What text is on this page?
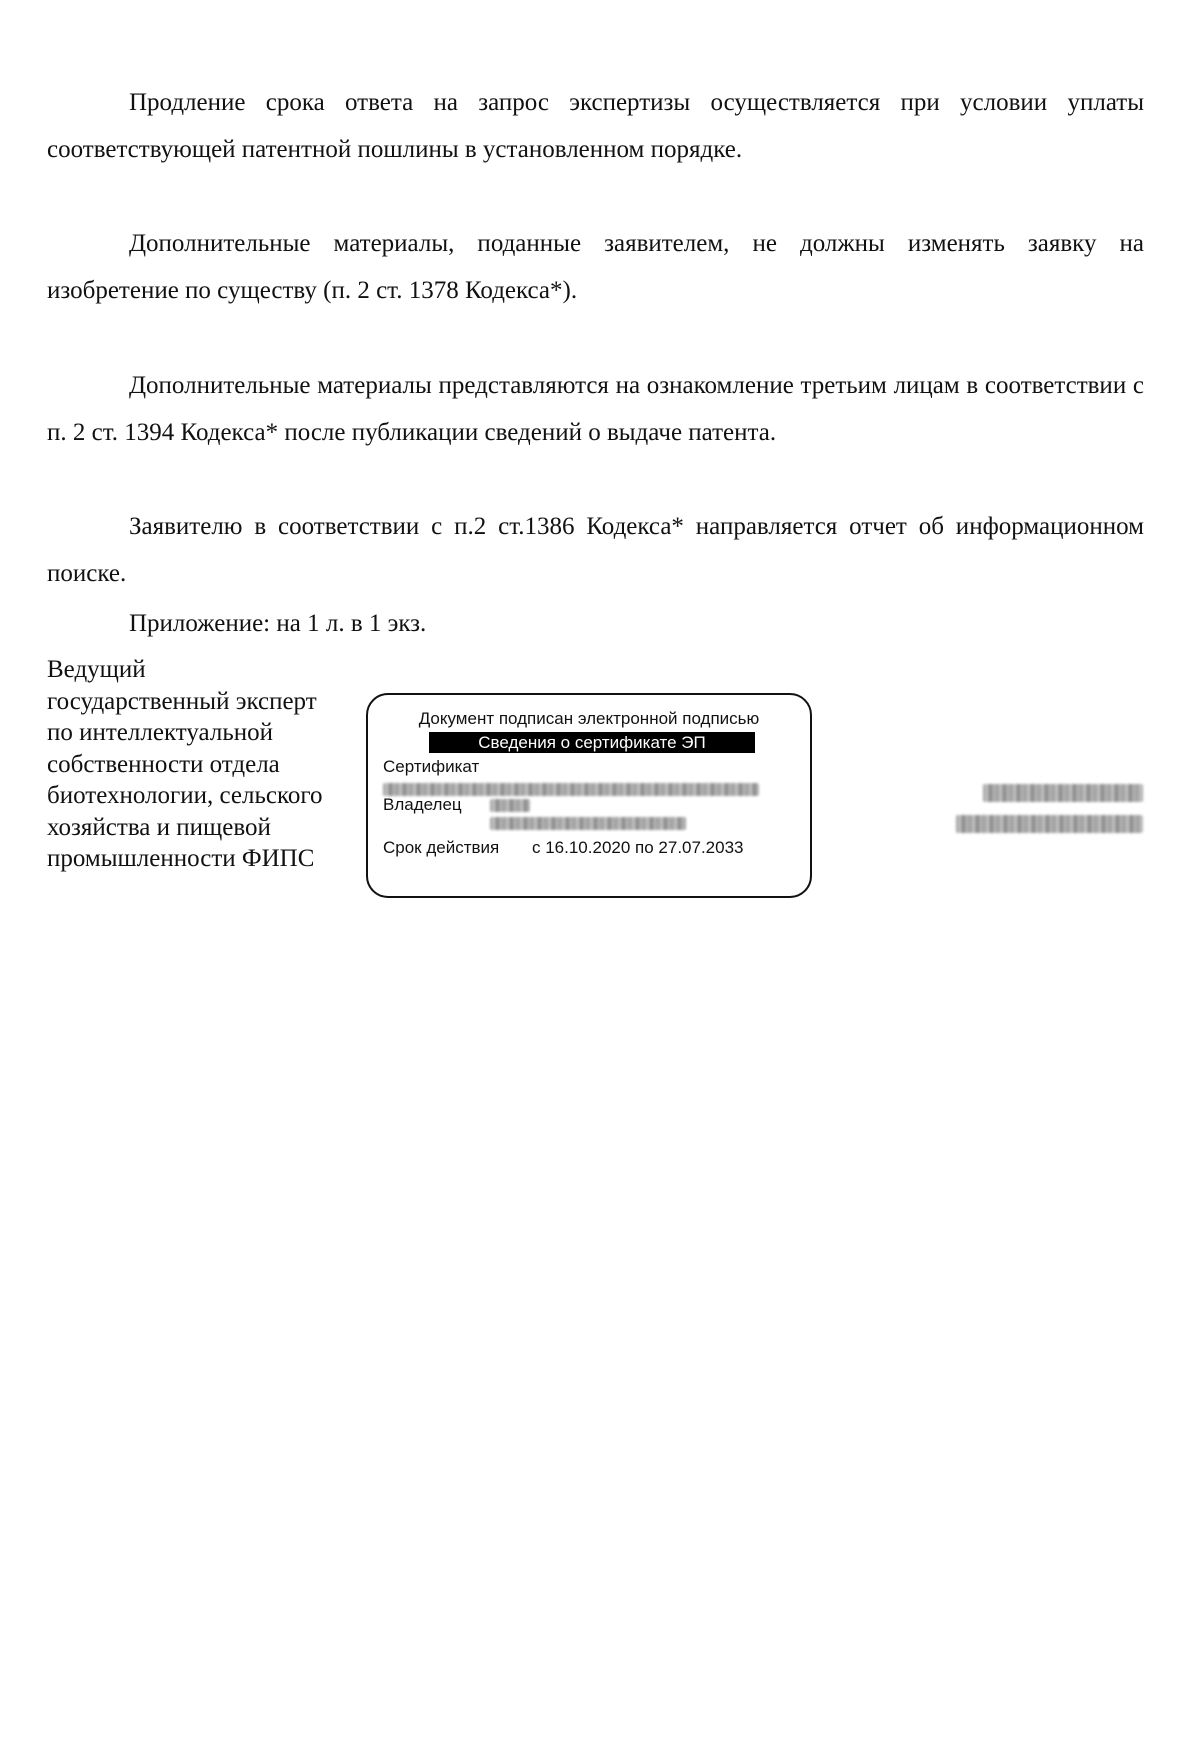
Продление срока ответа на запрос экспертизы осуществляется при условии уплаты соответствующей патентной пошлины в установленном порядке.

Дополнительные материалы, поданные заявителем, не должны изменять заявку на изобретение по существу (п. 2 ст. 1378 Кодекса*).

Дополнительные материалы представляются на ознакомление третьим лицам в соответствии с п. 2 ст. 1394 Кодекса* после публикации сведений о выдаче патента.

Заявителю в соответствии с п.2 ст.1386 Кодекса* направляется отчет об информационном поиске.

Приложение: на 1 л. в 1 экз.

Ведущий государственный эксперт по интеллектуальной собственности отдела биотехнологии, сельского хозяйства и пищевой промышленности ФИПС

Документ подписан электронной подписью
Сведения о сертификате ЭП
Сертификат
Владелец
Срок действия с 16.10.2020 по 27.07.2033
